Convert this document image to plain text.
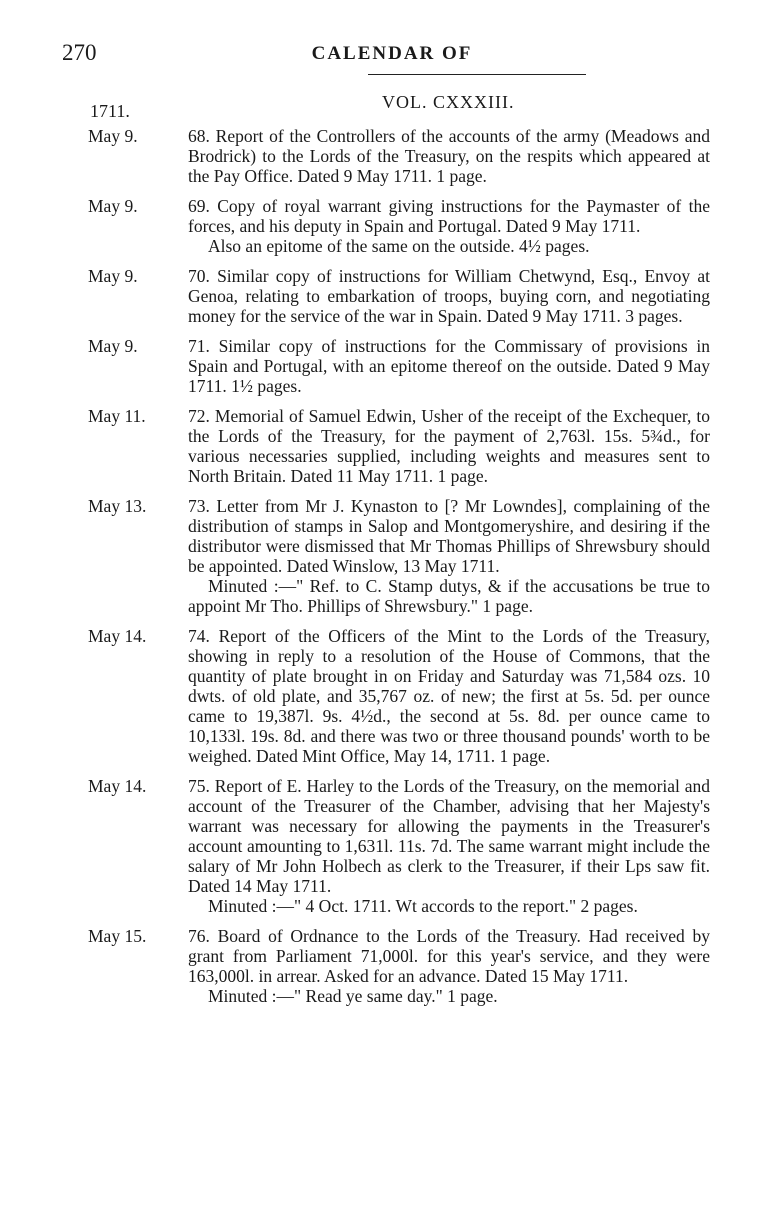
270	CALENDAR OF
1711.	VOL. CXXXIII.
May 9.	68. Report of the Controllers of the accounts of the army (Meadows and Brodrick) to the Lords of the Treasury, on the respits which appeared at the Pay Office. Dated 9 May 1711. 1 page.

May 9.	69. Copy of royal warrant giving instructions for the Paymaster of the forces, and his deputy in Spain and Portugal. Dated 9 May 1711.

Also an epitome of the same on the outside. 4½ pages.

May 9.	70. Similar copy of instructions for William Chetwynd, Esq., Envoy at Genoa, relating to embarkation of troops, buying corn, and negotiating money for the service of the war in Spain. Dated 9 May 1711. 3 pages.

May 9.	71. Similar copy of instructions for the Commissary of provisions in Spain and Portugal, with an epitome thereof on the outside. Dated 9 May 1711. 1½ pages.

May 11.	72. Memorial of Samuel Edwin, Usher of the receipt of the Exchequer, to the Lords of the Treasury, for the payment of 2,763l. 15s. 5¾d., for various necessaries supplied, including weights and measures sent to North Britain. Dated 11 May 1711. 1 page.

May 13.	73. Letter from Mr J. Kynaston to [? Mr Lowndes], complaining of the distribution of stamps in Salop and Montgomeryshire, and desiring if the distributor were dismissed that Mr Thomas Phillips of Shrewsbury should be appointed. Dated Winslow, 13 May 1711.

Minuted :—" Ref. to C. Stamp dutys, & if the accusations be true to appoint Mr Tho. Phillips of Shrewsbury." 1 page.

May 14.	74. Report of the Officers of the Mint to the Lords of the Treasury, showing in reply to a resolution of the House of Commons, that the quantity of plate brought in on Friday and Saturday was 71,584 ozs. 10 dwts. of old plate, and 35,767 oz. of new; the first at 5s. 5d. per ounce came to 19,387l. 9s. 4½d., the second at 5s. 8d. per ounce came to 10,133l. 19s. 8d. and there was two or three thousand pounds' worth to be weighed. Dated Mint Office, May 14, 1711. 1 page.

May 14.	75. Report of E. Harley to the Lords of the Treasury, on the memorial and account of the Treasurer of the Chamber, advising that her Majesty's warrant was necessary for allowing the payments in the Treasurer's account amounting to 1,631l. 11s. 7d. The same warrant might include the salary of Mr John Holbech as clerk to the Treasurer, if their Lps saw fit. Dated 14 May 1711.

Minuted :—" 4 Oct. 1711. Wt accords to the report." 2 pages.

May 15.	76. Board of Ordnance to the Lords of the Treasury. Had received by grant from Parliament 71,000l. for this year's service, and they were 163,000l. in arrear. Asked for an advance. Dated 15 May 1711.

Minuted :—" Read ye same day." 1 page.
